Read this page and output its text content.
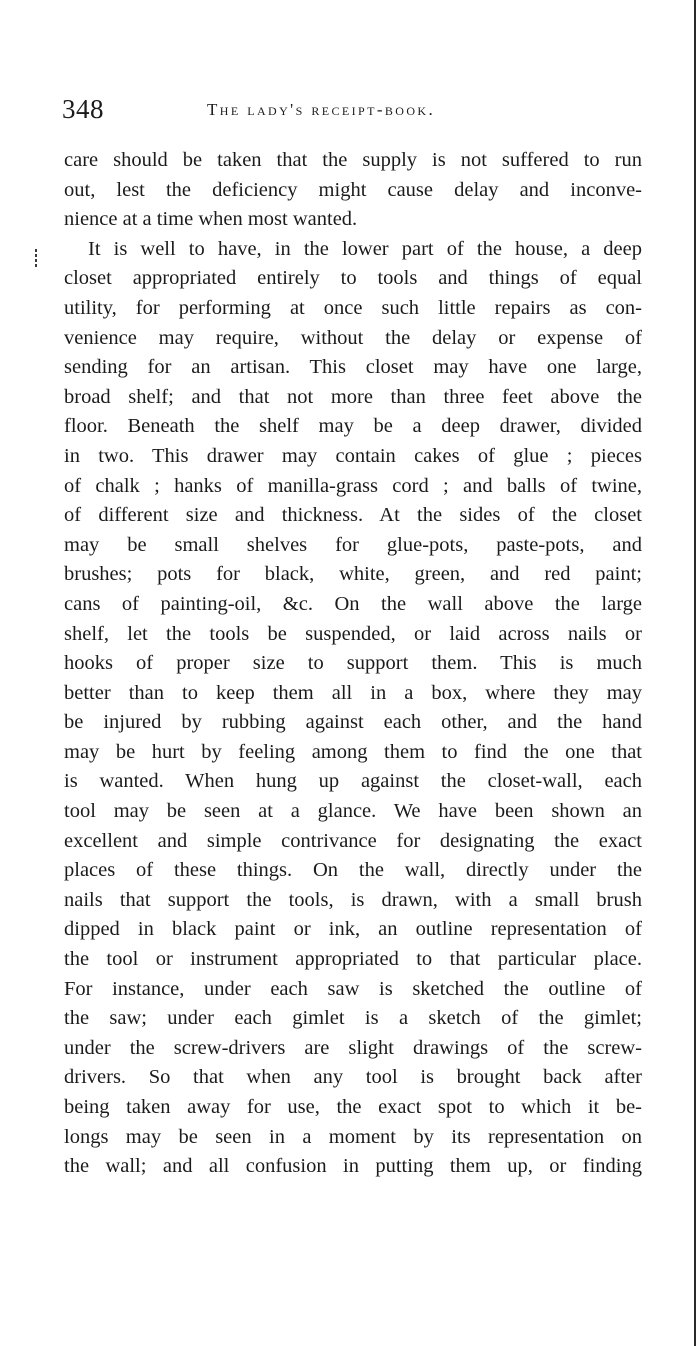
348	the lady's receipt-book.
care should be taken that the supply is not suffered to run
out, lest the deficiency might cause delay and inconve-
nience at a time when most wanted.
It is well to have, in the lower part of the house, a deep
closet appropriated entirely to tools and things of equal
utility, for performing at once such little repairs as con-
venience may require, without the delay or expense of
sending for an artisan. This closet may have one large,
broad shelf; and that not more than three feet above the
floor. Beneath the shelf may be a deep drawer, divided
in two. This drawer may contain cakes of glue ; pieces
of chalk ; hanks of manilla-grass cord ; and balls of twine,
of different size and thickness. At the sides of the closet
may be small shelves for glue-pots, paste-pots, and
brushes; pots for black, white, green, and red paint;
cans of painting-oil, &c. On the wall above the large
shelf, let the tools be suspended, or laid across nails or
hooks of proper size to support them. This is much
better than to keep them all in a box, where they may
be injured by rubbing against each other, and the hand
may be hurt by feeling among them to find the one that
is wanted. When hung up against the closet-wall, each
tool may be seen at a glance. We have been shown an
excellent and simple contrivance for designating the exact
places of these things. On the wall, directly under the
nails that support the tools, is drawn, with a small brush
dipped in black paint or ink, an outline representation of
the tool or instrument appropriated to that particular place.
For instance, under each saw is sketched the outline of
the saw; under each gimlet is a sketch of the gimlet;
under the screw-drivers are slight drawings of the screw-
drivers. So that when any tool is brought back after
being taken away for use, the exact spot to which it be-
longs may be seen in a moment by its representation on
the wall; and all confusion in putting them up, or finding
